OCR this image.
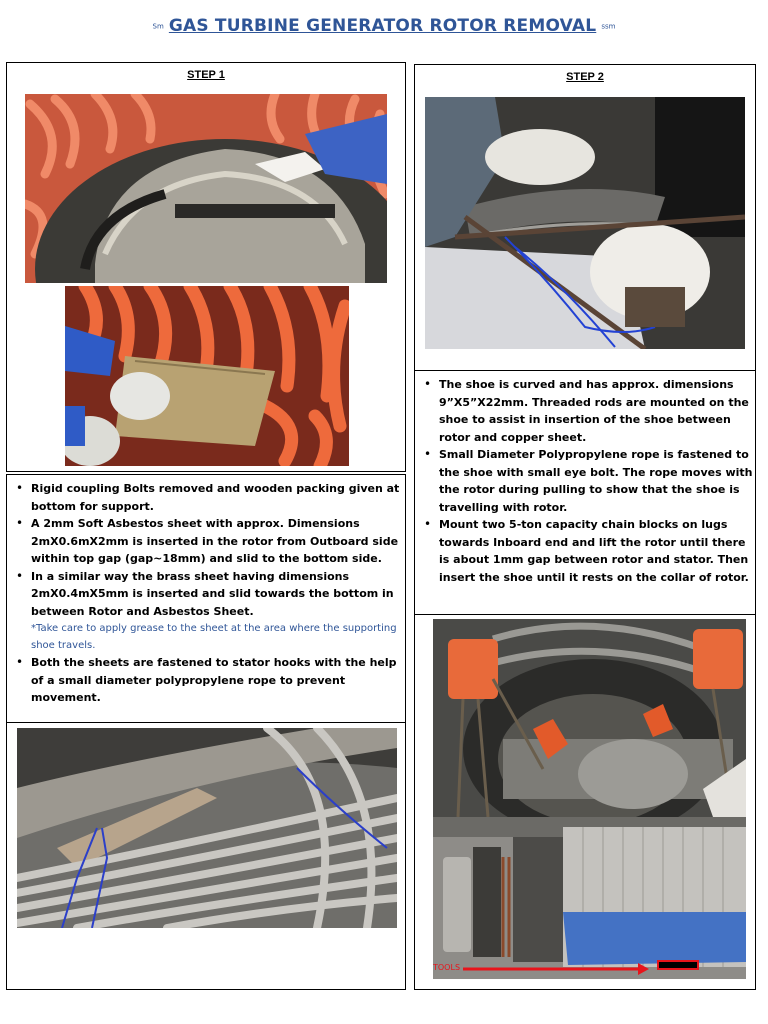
Sm GAS TURBINE GENERATOR ROTOR REMOVAL ssm
STEP 1
• Rigid coupling Bolts removed and wooden packing given at bottom for support.
• A 2mm Soft Asbestos sheet with approx. Dimensions 2mX0.6mX2mm is inserted in the rotor from Outboard side within top gap (gap~18mm) and slid to the bottom side.
• In a similar way the brass sheet having dimensions 2mX0.4mX5mm is inserted and slid towards the bottom in between Rotor and Asbestos Sheet.
*Take care to apply grease to the sheet at the area where the supporting shoe travels.
• Both the sheets are fastened to stator hooks with the help of a small diameter polypropylene rope to prevent movement.
STEP 2
• The shoe is curved and has approx. dimensions 9”X5”X22mm. Threaded rods are mounted on the shoe to assist in insertion of the shoe between rotor and copper sheet.
• Small Diameter Polypropylene rope is fastened to the shoe with small eye bolt. The rope moves with the rotor during pulling to show that the shoe is travelling with rotor.
• Mount two 5-ton capacity chain blocks on lugs towards Inboard end and lift the rotor until there is about 1mm gap between rotor and stator. Then insert the shoe until it rests on the collar of rotor.
TOOLS
